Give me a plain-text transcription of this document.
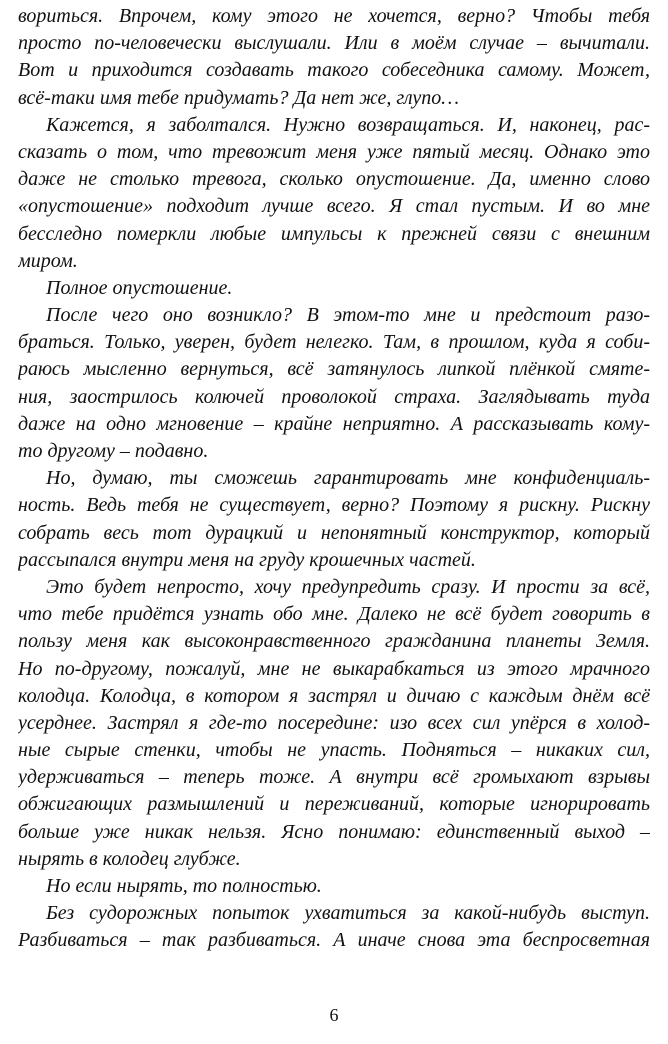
вориться. Впрочем, кому этого не хочется, верно? Чтобы тебя
просто по-человечески выслушали. Или в моём случае – вычитали.
Вот и приходится создавать такого собеседника самому. Может,
всё-таки имя тебе придумать? Да нет же, глупо…
Кажется, я заболтался. Нужно возвращаться. И, наконец, рас-
сказать о том, что тревожит меня уже пятый месяц. Однако это
даже не столько тревога, сколько опустошение. Да, именно слово
«опустошение» подходит лучше всего. Я стал пустым. И во мне
бесследно померкли любые импульсы к прежней связи с внешним
миром.
Полное опустошение.
После чего оно возникло? В этом-то мне и предстоит разо-
браться. Только, уверен, будет нелегко. Там, в прошлом, куда я соби-
раюсь мысленно вернуться, всё затянулось липкой плёнкой смяте-
ния, заострилось колючей проволокой страха. Заглядывать туда
даже на одно мгновение – крайне неприятно. А рассказывать кому-
то другому – подавно.
Но, думаю, ты сможешь гарантировать мне конфиденциаль-
ность. Ведь тебя не существует, верно? Поэтому я рискну. Рискну
собрать весь тот дурацкий и непонятный конструктор, который
рассыпался внутри меня на груду крошечных частей.
Это будет непросто, хочу предупредить сразу. И прости за всё,
что тебе придётся узнать обо мне. Далеко не всё будет говорить в
пользу меня как высоконравственного гражданина планеты Земля.
Но по-другому, пожалуй, мне не выкарабкаться из этого мрачного
колодца. Колодца, в котором я застрял и дичаю с каждым днём всё
усерднее. Застрял я где-то посередине: изо всех сил упёрся в холод-
ные сырые стенки, чтобы не упасть. Подняться – никаких сил,
удерживаться – теперь тоже. А внутри всё громыхают взрывы
обжигающих размышлений и переживаний, которые игнорировать
больше уже никак нельзя. Ясно понимаю: единственный выход –
нырять в колодец глубже.
Но если нырять, то полностью.
Без судорожных попыток ухватиться за какой-нибудь выступ.
Разбиваться – так разбиваться. А иначе снова эта беспросветная
6
